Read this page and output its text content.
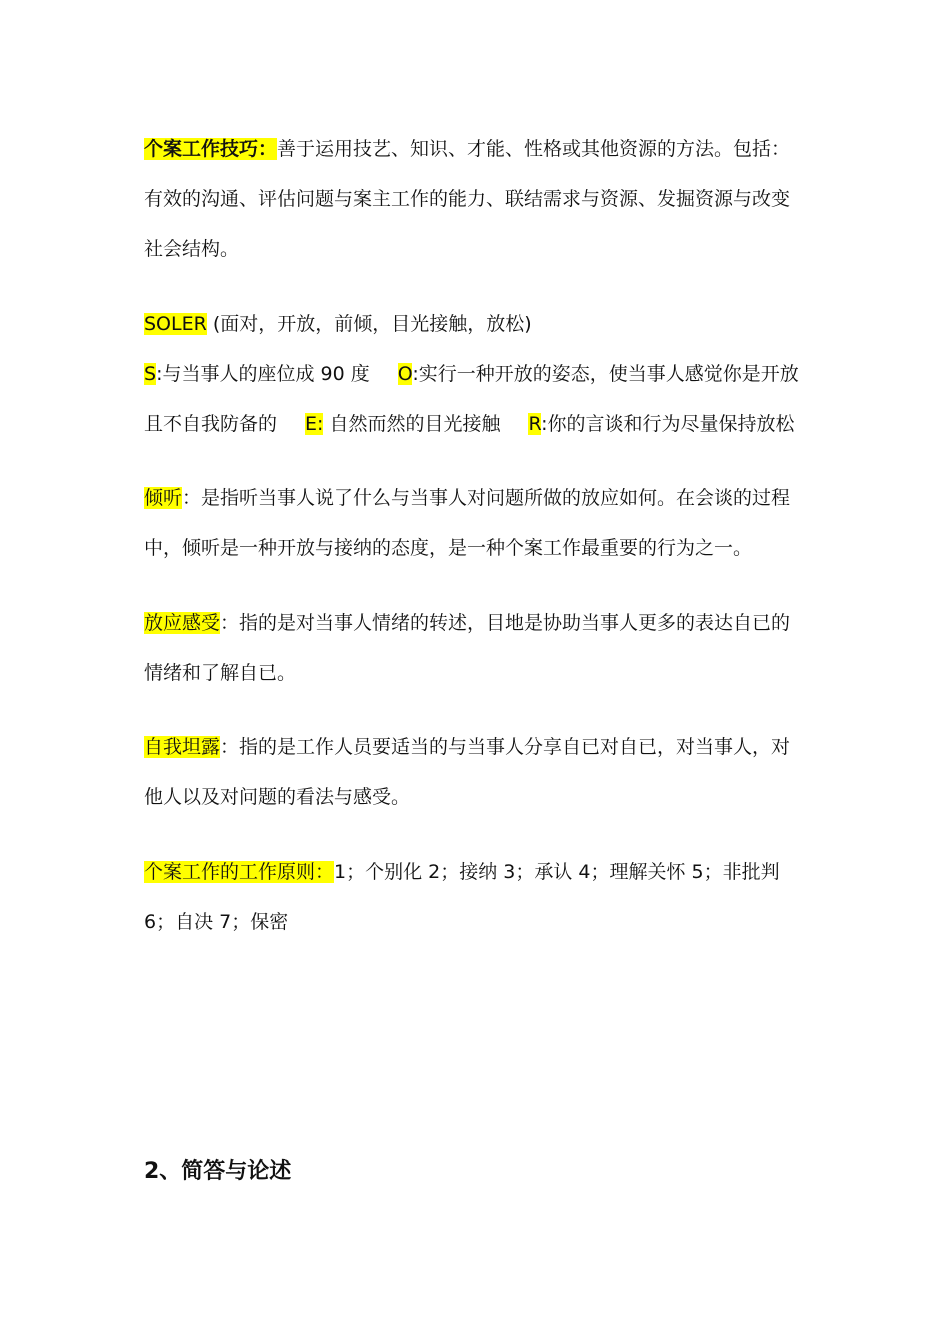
个案工作技巧：善于运用技艺、知识、才能、性格或其他资源的方法。包括：
有效的沟通、评估问题与案主工作的能力、联结需求与资源、发掘资源与改变
社会结构。
SOLER (面对，开放，前倾，目光接触，放松)
S:与当事人的座位成 90 度 O:实行一种开放的姿态，使当事人感觉你是开放
且不自我防备的 E: 自然而然的目光接触 R:你的言谈和行为尽量保持放松
倾听：是指听当事人说了什么与当事人对问题所做的放应如何。在会谈的过程
中，倾听是一种开放与接纳的态度，是一种个案工作最重要的行为之一。
放应感受：指的是对当事人情绪的转述，目地是协助当事人更多的表达自已的
情绪和了解自已。
自我坦露：指的是工作人员要适当的与当事人分享自已对自已，对当事人，对
他人以及对问题的看法与感受。
个案工作的工作原则：1；个别化 2；接纳 3；承认 4；理解关怀 5；非批判
6；自决 7；保密
2、简答与论述
